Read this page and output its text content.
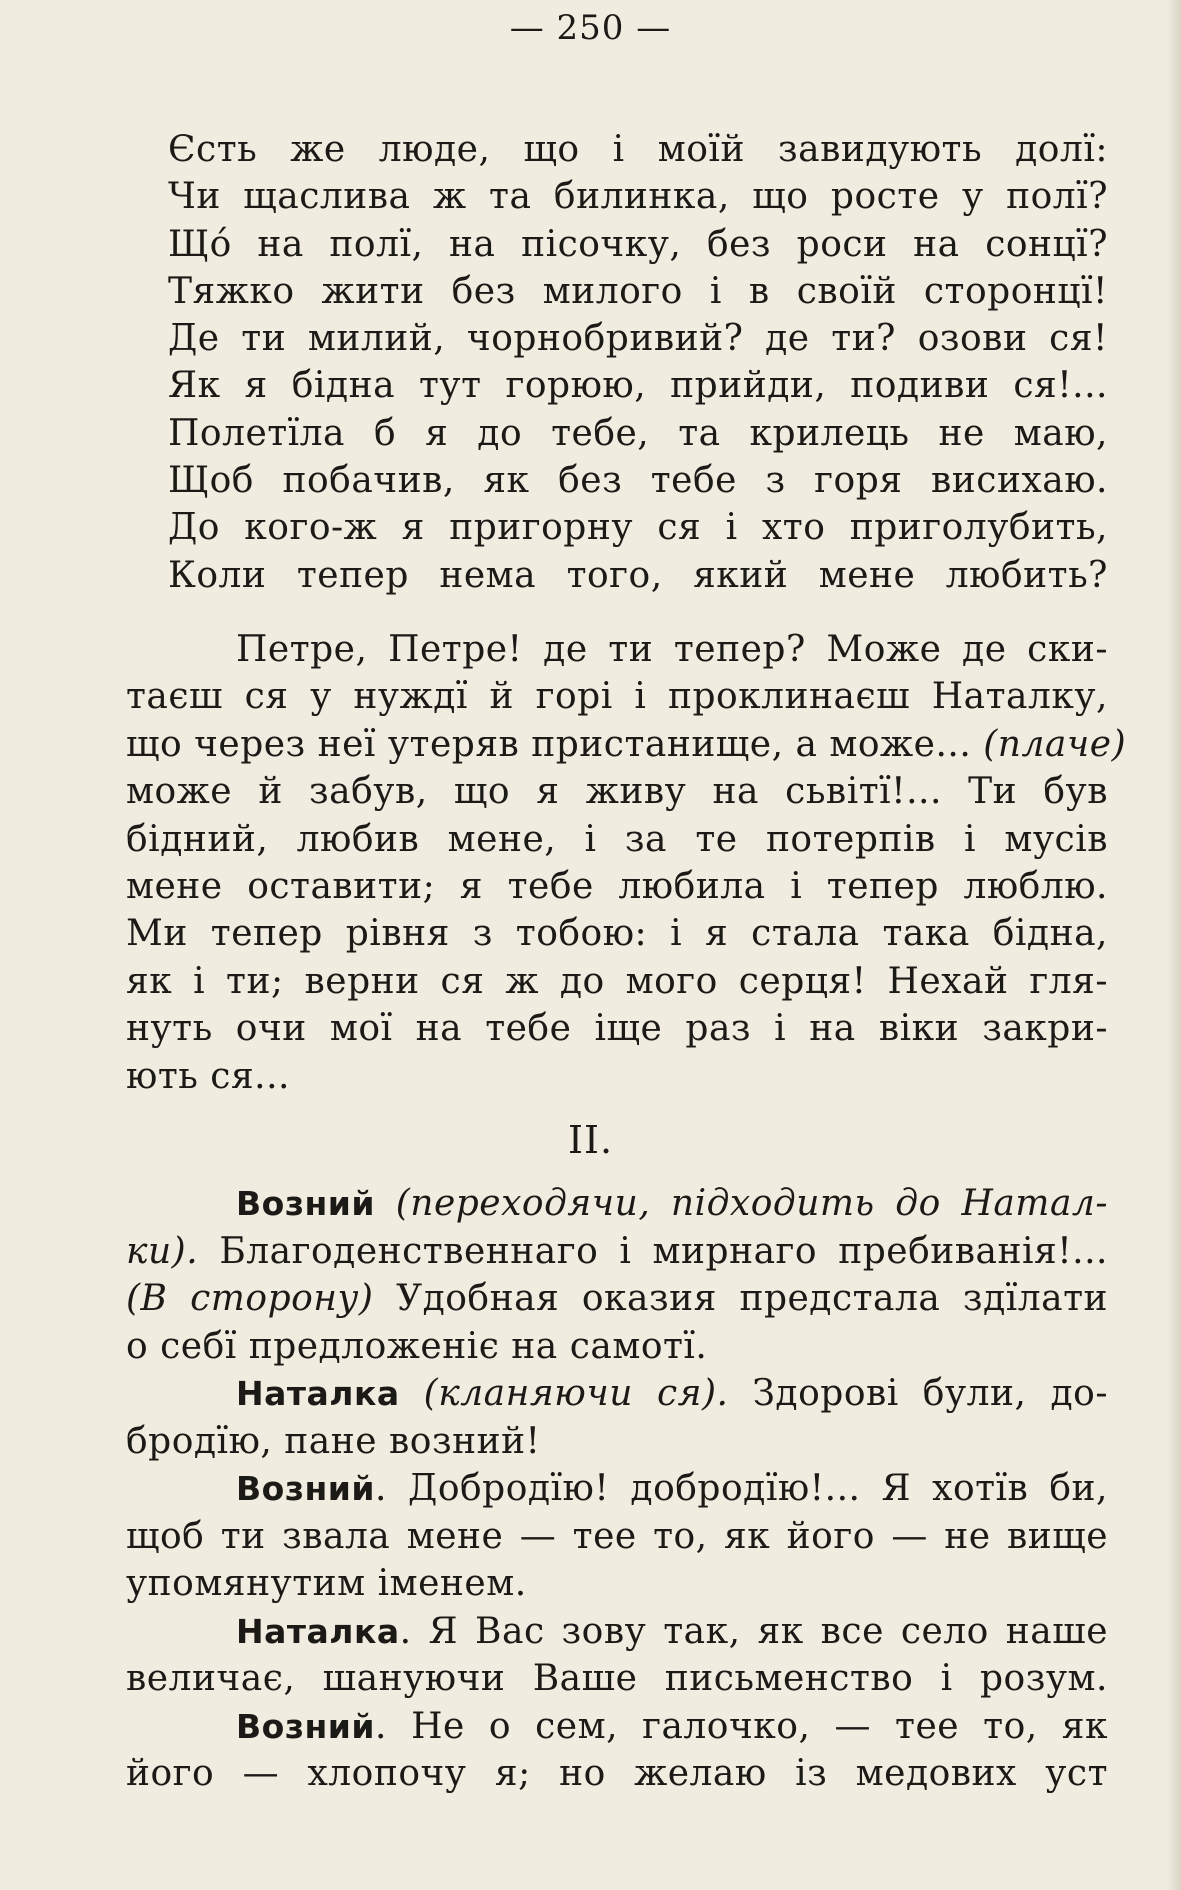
— 250 —
Єсть же люде, що і моїй завидують долї:
Чи щаслива ж та билинка, що росте у полї?
Щó на полї, на пісочку, без роси на сонцї?
Тяжко жити без милого і в своїй сторонцї!
Де ти милий, чорнобривий? де ти? озови ся!
Як я бідна тут горюю, прийди, подиви ся!...
Полетїла б я до тебе, та крилець не маю,
Щоб побачив, як без тебе з горя висихаю.
До кого-ж я пригорну ся і хто приголубить,
Коли тепер нема того, який мене любить?
Петре, Петре! де ти тепер? Може де ски-
таєш ся у нуждї й горі і проклинаєш Наталку,
що через неї утеряв пристанище, а може... (плаче)
може й забув, що я живу на сьвітї!... Ти був
бідний, любив мене, і за те потерпів і мусів
мене оставити; я тебе любила і тепер люблю.
Ми тепер рівня з тобою: і я стала така бідна,
як і ти; верни ся ж до мого серця! Нехай гля-
нуть очи мої на тебе іще раз і на віки закри-
ють ся...
II.
Возний (переходячи, підходить до Натал-
ки). Благоденственнаго і мирнаго пребиванія!...
(В сторону) Удобная оказия предстала здїлати
о себї предложеніє на самотї.
Наталка (кланяючи ся). Здорові були, до-
бродїю, пане возний!
Возний. Добродїю! добродїю!... Я хотїв би,
щоб ти звала мене — тее то, як його — не вище
упомянутим іменем.
Наталка. Я Вас зову так, як все село наше
величає, шануючи Ваше письменство і розум.
Возний. Не о сем, галочко, — тее то, як
його — хлопочу я; но желаю із медових уст
